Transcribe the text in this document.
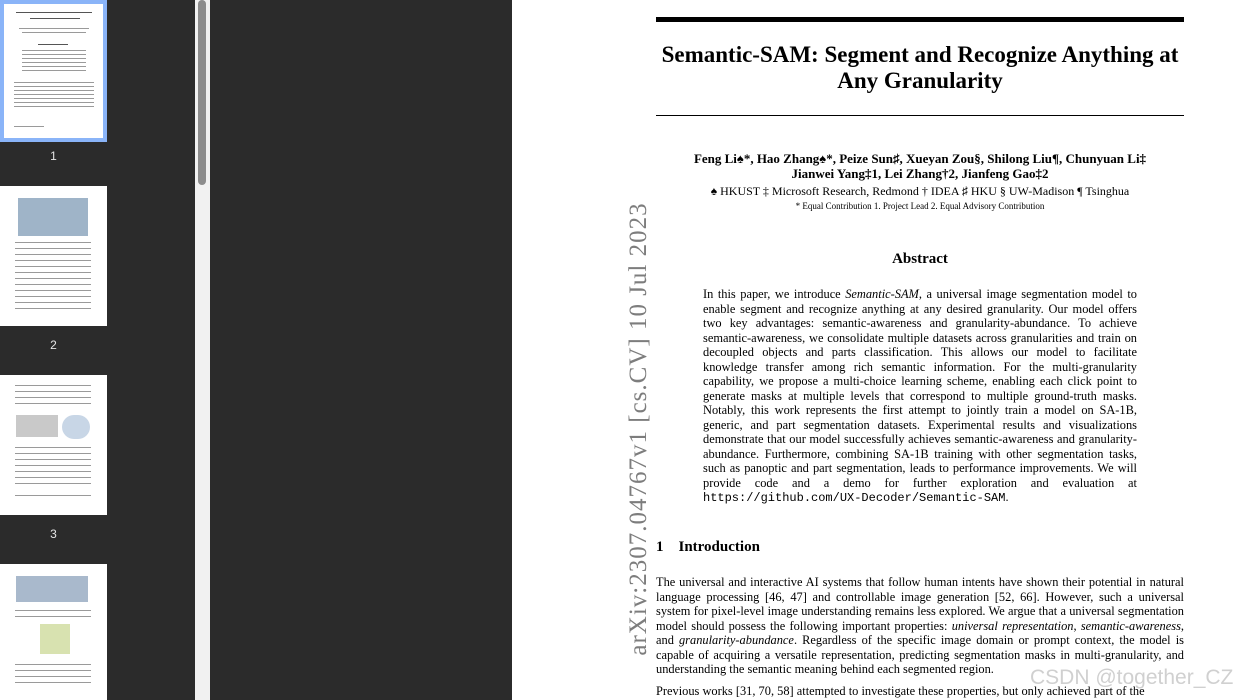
1
2
3	arXiv:2307.04767v1 [cs.CV] 10 Jul 2023
Semantic-SAM: Segment and Recognize Anything at
Any Granularity
Feng Li♠*, Hao Zhang♠*, Peize Sun♯, Xueyan Zou§, Shilong Liu¶, Chunyuan Li‡
Jianwei Yang‡1, Lei Zhang†2, Jianfeng Gao‡2
♠ HKUST ‡ Microsoft Research, Redmond † IDEA ♯ HKU § UW-Madison ¶ Tsinghua
* Equal Contribution 1. Project Lead 2. Equal Advisory Contribution
Abstract
In this paper, we introduce Semantic-SAM, a universal image segmentation model to enable segment and recognize anything at any desired granularity. Our model offers two key advantages: semantic-awareness and granularity-abundance. To achieve semantic-awareness, we consolidate multiple datasets across granularities and train on decoupled objects and parts classification. This allows our model to facilitate knowledge transfer among rich semantic information. For the multi-granularity capability, we propose a multi-choice learning scheme, enabling each click point to generate masks at multiple levels that correspond to multiple ground-truth masks. Notably, this work represents the first attempt to jointly train a model on SA-1B, generic, and part segmentation datasets. Experimental results and visualizations demonstrate that our model successfully achieves semantic-awareness and granularity-abundance. Furthermore, combining SA-1B training with other segmentation tasks, such as panoptic and part segmentation, leads to performance improvements. We will provide code and a demo for further exploration and evaluation at https://github.com/UX-Decoder/Semantic-SAM.
1 Introduction
The universal and interactive AI systems that follow human intents have shown their potential in natural language processing [46, 47] and controllable image generation [52, 66]. However, such a universal system for pixel-level image understanding remains less explored. We argue that a universal segmentation model should possess the following important properties: universal representation, semantic-awareness, and granularity-abundance. Regardless of the specific image domain or prompt context, the model is capable of acquiring a versatile representation, predicting segmentation masks in multi-granularity, and understanding the semantic meaning behind each segmented region.
Previous works [31, 70, 58] attempted to investigate these properties, but only achieved part of the
CSDN @together_CZ
